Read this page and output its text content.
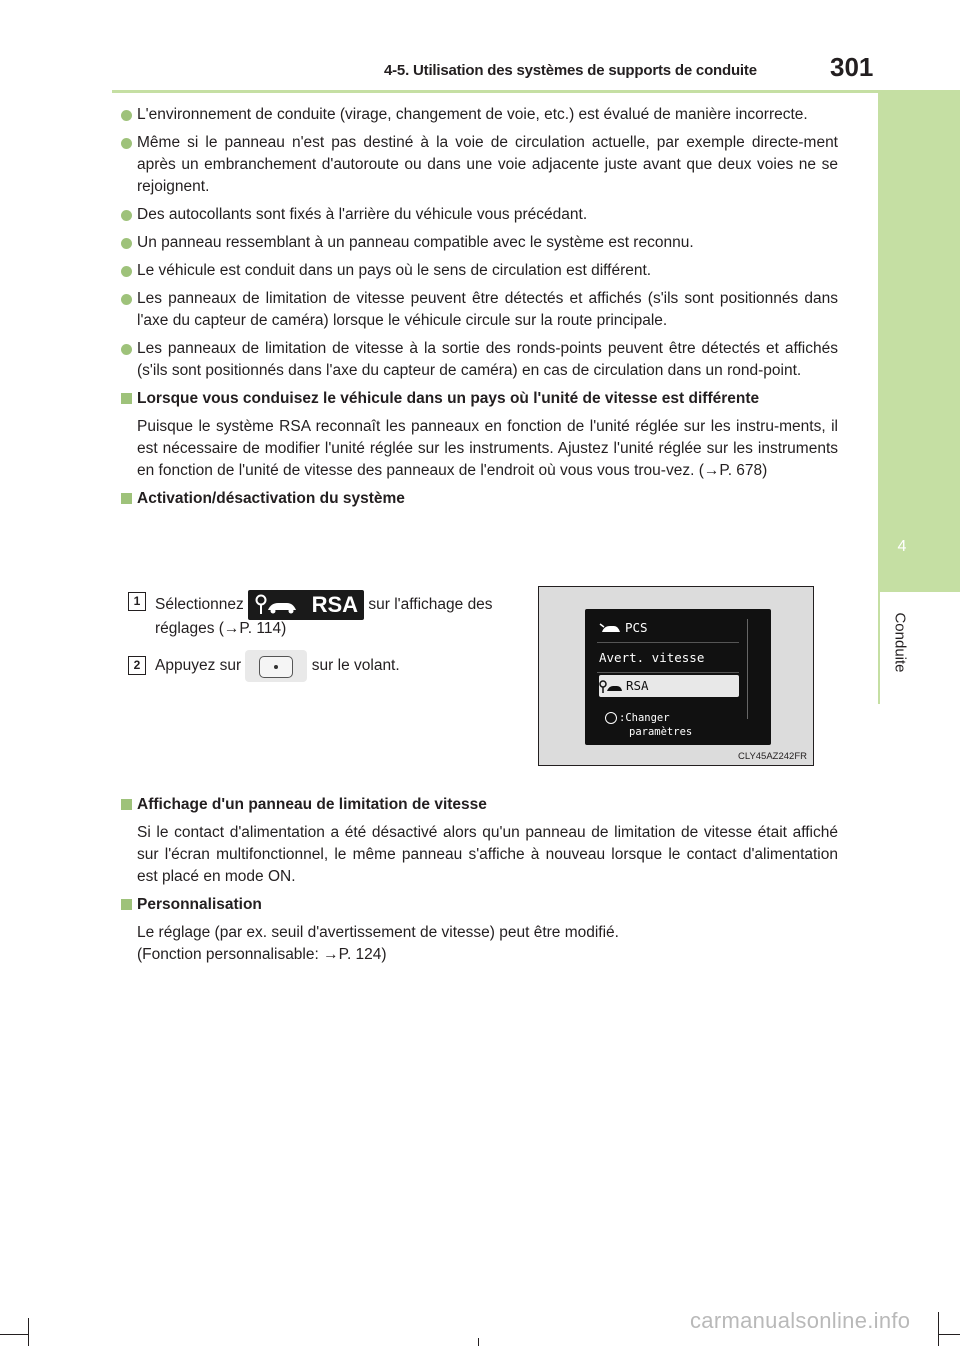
4-5. Utilisation des systèmes de supports de conduite	301
4
Conduite
L'environnement de conduite (virage, changement de voie, etc.) est évalué de manière incorrecte.
Même si le panneau n'est pas destiné à la voie de circulation actuelle, par exemple directe-ment après un embranchement d'autoroute ou dans une voie adjacente juste avant que deux voies ne se rejoignent.
Des autocollants sont fixés à l'arrière du véhicule vous précédant.
Un panneau ressemblant à un panneau compatible avec le système est reconnu.
Le véhicule est conduit dans un pays où le sens de circulation est différent.
Les panneaux de limitation de vitesse peuvent être détectés et affichés (s'ils sont positionnés dans l'axe du capteur de caméra) lorsque le véhicule circule sur la route principale.
Les panneaux de limitation de vitesse à la sortie des ronds-points peuvent être détectés et affichés (s'ils sont positionnés dans l'axe du capteur de caméra) en cas de circulation dans un rond-point.
Lorsque vous conduisez le véhicule dans un pays où l'unité de vitesse est différente
Puisque le système RSA reconnaît les panneaux en fonction de l'unité réglée sur les instru-ments, il est nécessaire de modifier l'unité réglée sur les instruments. Ajustez l'unité réglée sur les instruments en fonction de l'unité de vitesse des panneaux de l'endroit où vous vous trou-vez. (→P. 678)
Activation/désactivation du système
1 Sélectionnez	RSA sur l'affichage des
réglages (→P. 114)
2 Appuyez sur	sur le volant.
PCS
Avert. vitesse
RSA
:Changer
paramètres
CLY45AZ242FR
Affichage d'un panneau de limitation de vitesse
Si le contact d'alimentation a été désactivé alors qu'un panneau de limitation de vitesse était affiché sur l'écran multifonctionnel, le même panneau s'affiche à nouveau lorsque le contact d'alimentation est placé en mode ON.
Personnalisation
Le réglage (par ex. seuil d'avertissement de vitesse) peut être modifié.
(Fonction personnalisable: →P. 124)
carmanualsonline.info
